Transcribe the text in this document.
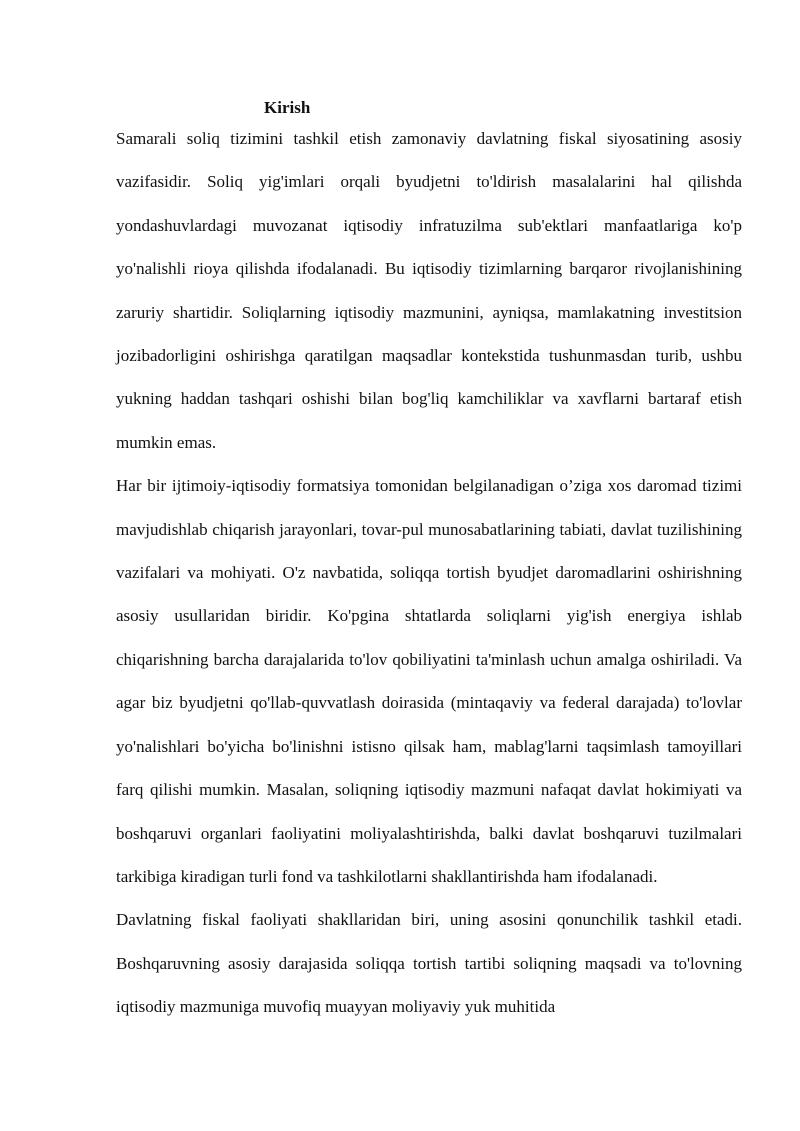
Kirish

Samarali soliq tizimini tashkil etish zamonaviy davlatning fiskal siyosatining asosiy vazifasidir. Soliq yig'imlari orqali byudjetni to'ldirish masalalarini hal qilishda yondashuvlardagi muvozanat iqtisodiy infratuzilma sub'ektlari manfaatlariga ko'p yo'nalishli rioya qilishda ifodalanadi. Bu iqtisodiy tizimlarning barqaror rivojlanishining zaruriy shartidir. Soliqlarning iqtisodiy mazmunini, ayniqsa, mamlakatning investitsion jozibadorligini oshirishga qaratilgan maqsadlar kontekstida tushunmasdan turib, ushbu yukning haddan tashqari oshishi bilan bog'liq kamchiliklar va xavflarni bartaraf etish mumkin emas.

Har bir ijtimoiy-iqtisodiy formatsiya tomonidan belgilanadigan o’ziga xos daromad tizimi mavjudishlab chiqarish jarayonlari, tovar-pul munosabatlarining tabiati, davlat tuzilishining vazifalari va mohiyati. O'z navbatida, soliqqa tortish byudjet daromadlarini oshirishning asosiy usullaridan biridir. Ko'pgina shtatlarda soliqlarni yig'ish energiya ishlab chiqarishning barcha darajalarida to'lov qobiliyatini ta'minlash uchun amalga oshiriladi. Va agar biz byudjetni qo'llab-quvvatlash doirasida (mintaqaviy va federal darajada) to'lovlar yo'nalishlari bo'yicha bo'linishni istisno qilsak ham, mablag'larni taqsimlash tamoyillari farq qilishi mumkin. Masalan, soliqning iqtisodiy mazmuni nafaqat davlat hokimiyati va boshqaruvi organlari faoliyatini moliyalashtirishda, balki davlat boshqaruvi tuzilmalari tarkibiga kiradigan turli fond va tashkilotlarni shakllantirishda ham ifodalanadi.

Davlatning fiskal faoliyati shakllaridan biri, uning asosini qonunchilik tashkil etadi. Boshqaruvning asosiy darajasida soliqqa tortish tartibi soliqning maqsadi va to'lovning iqtisodiy mazmuniga muvofiq muayyan moliyaviy yuk muhitida
